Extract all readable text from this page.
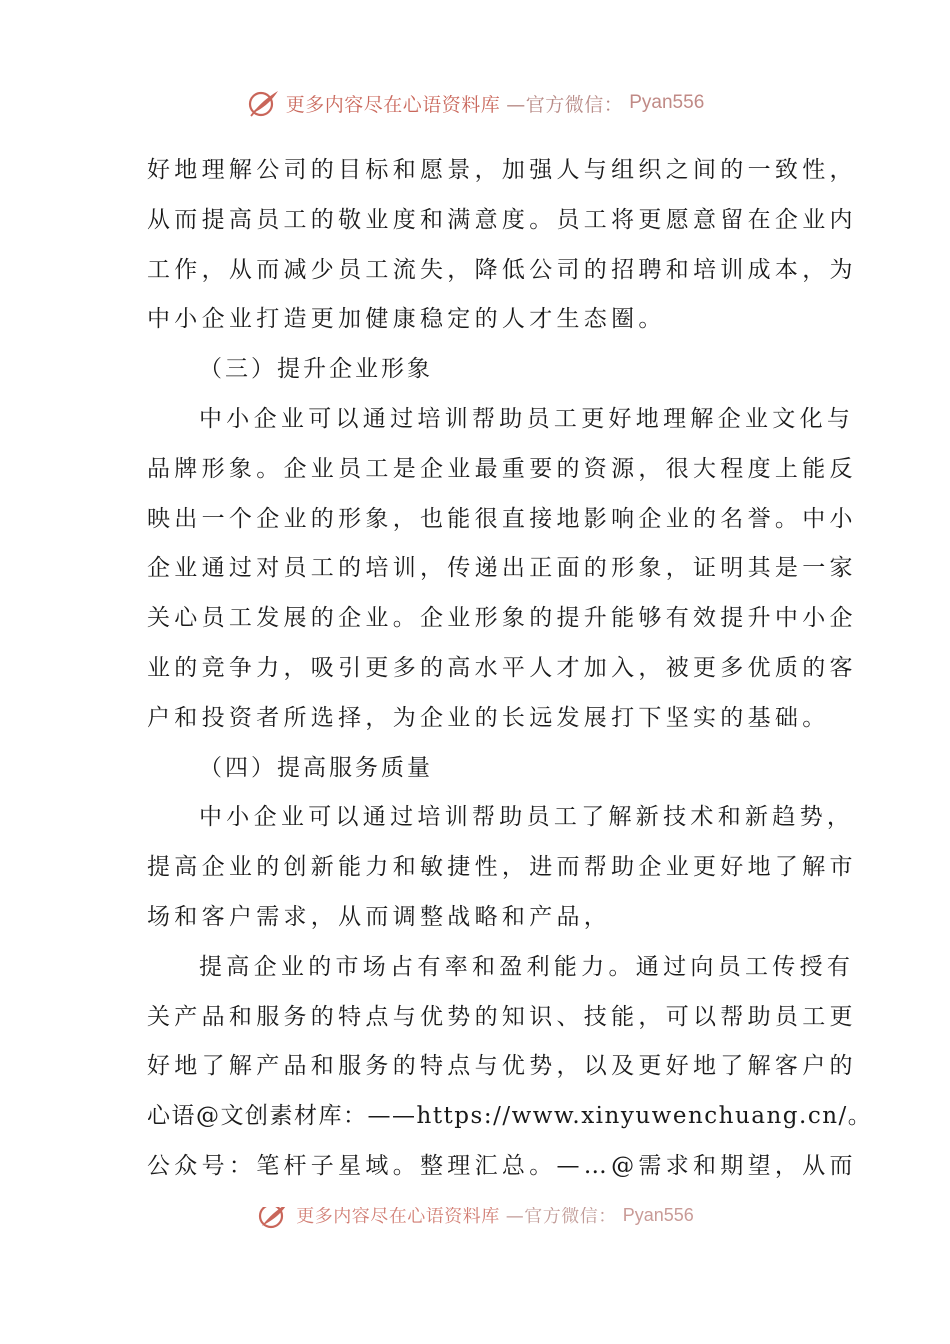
更多内容尽在心语资料库 —官方微信： Pyan556
好地理解公司的目标和愿景，加强人与组织之间的一致性，
从而提高员工的敬业度和满意度。员工将更愿意留在企业内
工作，从而减少员工流失，降低公司的招聘和培训成本，为
中小企业打造更加健康稳定的人才生态圈。
（三）提升企业形象
中小企业可以通过培训帮助员工更好地理解企业文化与
品牌形象。企业员工是企业最重要的资源，很大程度上能反
映出一个企业的形象，也能很直接地影响企业的名誉。中小
企业通过对员工的培训，传递出正面的形象，证明其是一家
关心员工发展的企业。企业形象的提升能够有效提升中小企
业的竞争力，吸引更多的高水平人才加入，被更多优质的客
户和投资者所选择，为企业的长远发展打下坚实的基础。
（四）提高服务质量
中小企业可以通过培训帮助员工了解新技术和新趋势，
提高企业的创新能力和敏捷性，进而帮助企业更好地了解市
场和客户需求，从而调整战略和产品，
提高企业的市场占有率和盈利能力。通过向员工传授有
关产品和服务的特点与优势的知识、技能，可以帮助员工更
好地了解产品和服务的特点与优势，以及更好地了解客户的
心语@文创素材库：——https://www.xinyuwenchuang.cn/。
公众号：笔杆子星域。整理汇总。—…@需求和期望，从而
更多内容尽在心语资料库 —官方微信： Pyan556
